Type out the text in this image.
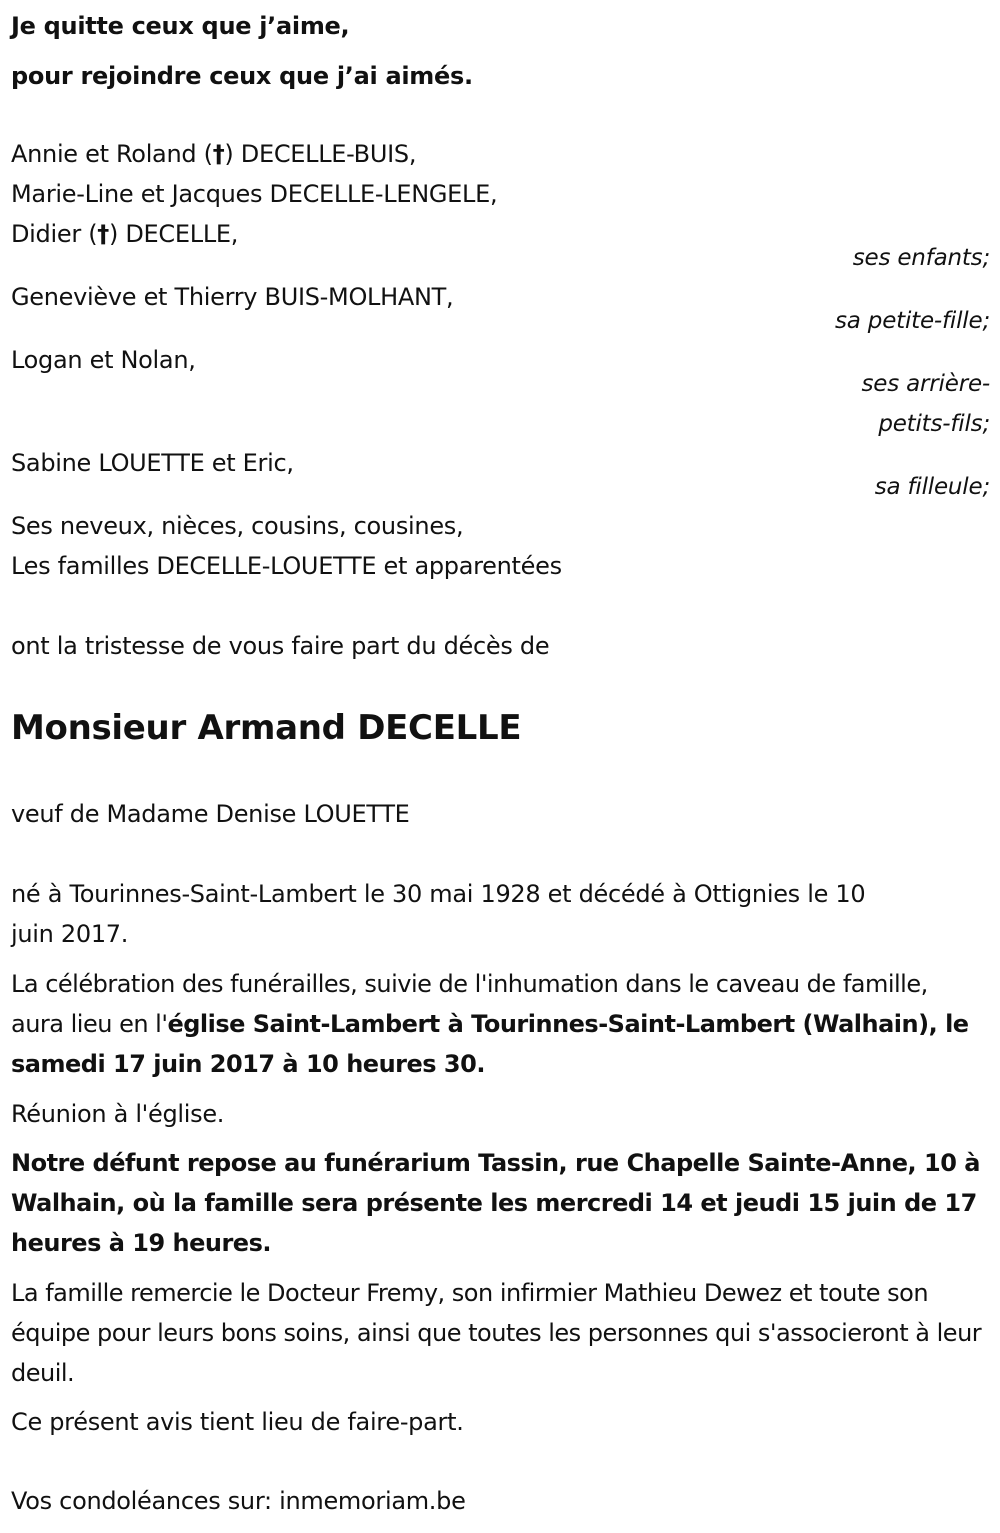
Je quitte ceux que j’aime,
pour rejoindre ceux que j’ai aimés.
Annie et Roland (†) DECELLE-BUIS,
Marie-Line et Jacques DECELLE-LENGELE,
Didier (†) DECELLE,
ses enfants;
Geneviève et Thierry BUIS-MOLHANT,
sa petite-fille;
Logan et Nolan,
ses arrière-
petits-fils;
Sabine LOUETTE et Eric,
sa filleule;
Ses neveux, nièces, cousins, cousines,
Les familles DECELLE-LOUETTE et apparentées
ont la tristesse de vous faire part du décès de
Monsieur Armand DECELLE
veuf de Madame Denise LOUETTE
né à Tourinnes-Saint-Lambert le 30 mai 1928 et décédé à Ottignies le 10
juin 2017.
La célébration des funérailles, suivie de l'inhumation dans le caveau de famille, aura lieu en l'église Saint-Lambert à Tourinnes-Saint-Lambert (Walhain), le samedi 17 juin 2017 à 10 heures 30.
Réunion à l'église.
Notre défunt repose au funérarium Tassin, rue Chapelle Sainte-Anne, 10 à Walhain, où la famille sera présente les mercredi 14 et jeudi 15 juin de 17 heures à 19 heures.
La famille remercie le Docteur Fremy, son infirmier Mathieu Dewez et toute son équipe pour leurs bons soins, ainsi que toutes les personnes qui s'associeront à leur deuil.
Ce présent avis tient lieu de faire-part.
Vos condoléances sur: inmemoriam.be
